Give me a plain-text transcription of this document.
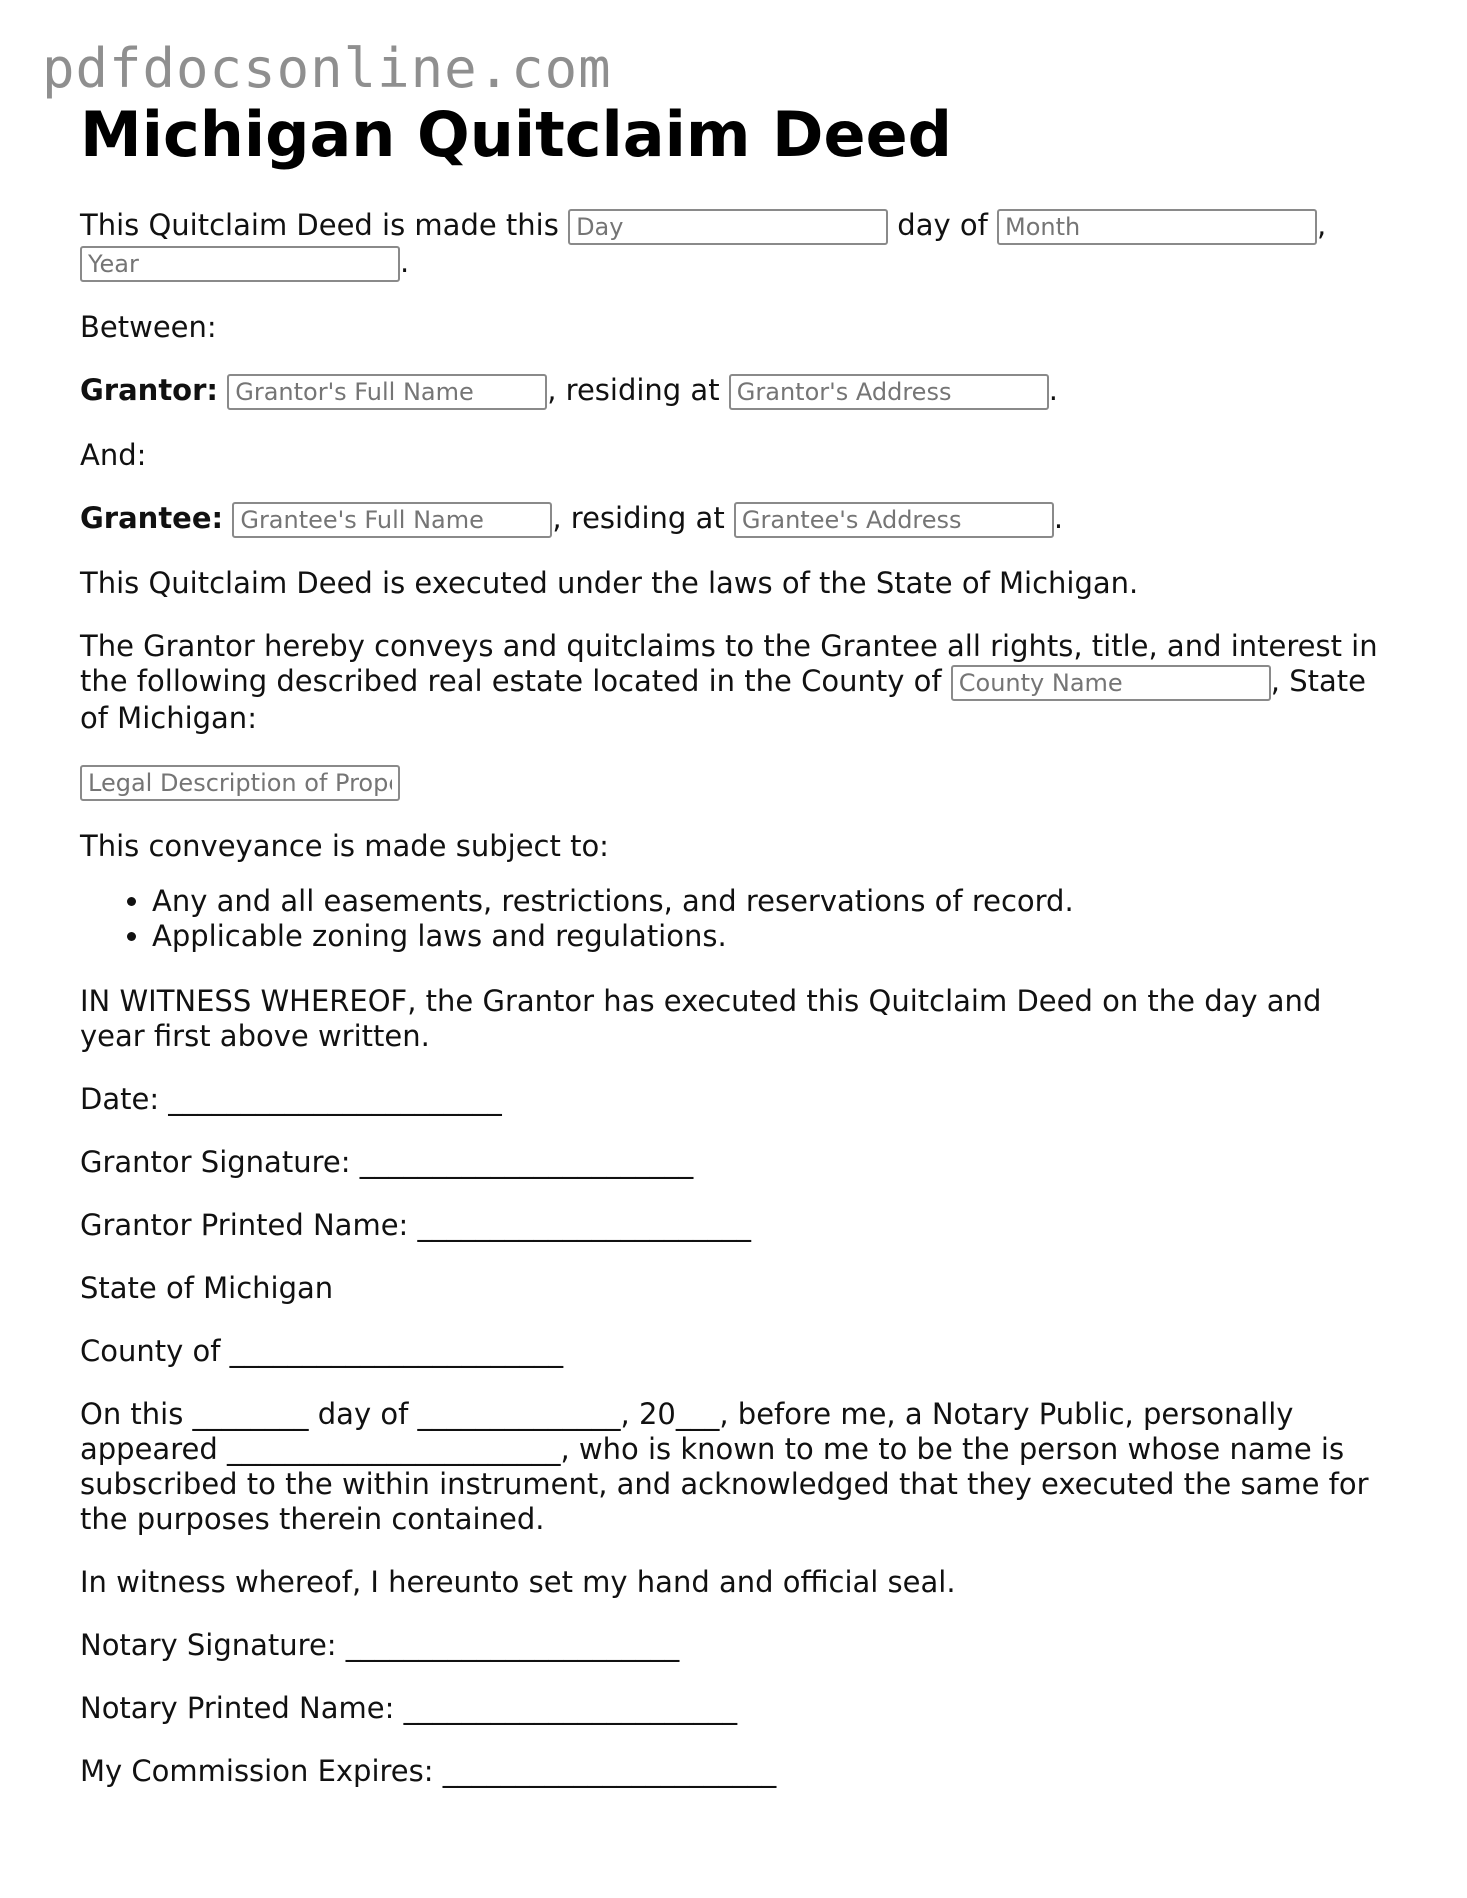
pdfdocsonline.com
Michigan Quitclaim Deed

This Quitclaim Deed is made this Day	day of Month	,
Year.

Between:

Grantor: Grantor's Full Name	, residing at Grantor's Address	.

And:

Grantee: Grantee's Full Name	, residing at Grantee's Address	.

This Quitclaim Deed is executed under the laws of the State of Michigan.

The Grantor hereby conveys and quitclaims to the Grantee all rights, title, and interest in the following described real estate located in the County of County Name	, State of Michigan:

Legal Description of Prope

This conveyance is made subject to:

• Any and all easements, restrictions, and reservations of record.
• Applicable zoning laws and regulations.

IN WITNESS WHEREOF, the Grantor has executed this Quitclaim Deed on the day and year first above written.

Date: _______________________

Grantor Signature: _______________________

Grantor Printed Name: _______________________

State of Michigan

County of _______________________

On this ________ day of ______________, 20___, before me, a Notary Public, personally appeared _______________________, who is known to me to be the person whose name is subscribed to the within instrument, and acknowledged that they executed the same for the purposes therein contained.

In witness whereof, I hereunto set my hand and official seal.

Notary Signature: _______________________

Notary Printed Name: _______________________

My Commission Expires: _______________________
